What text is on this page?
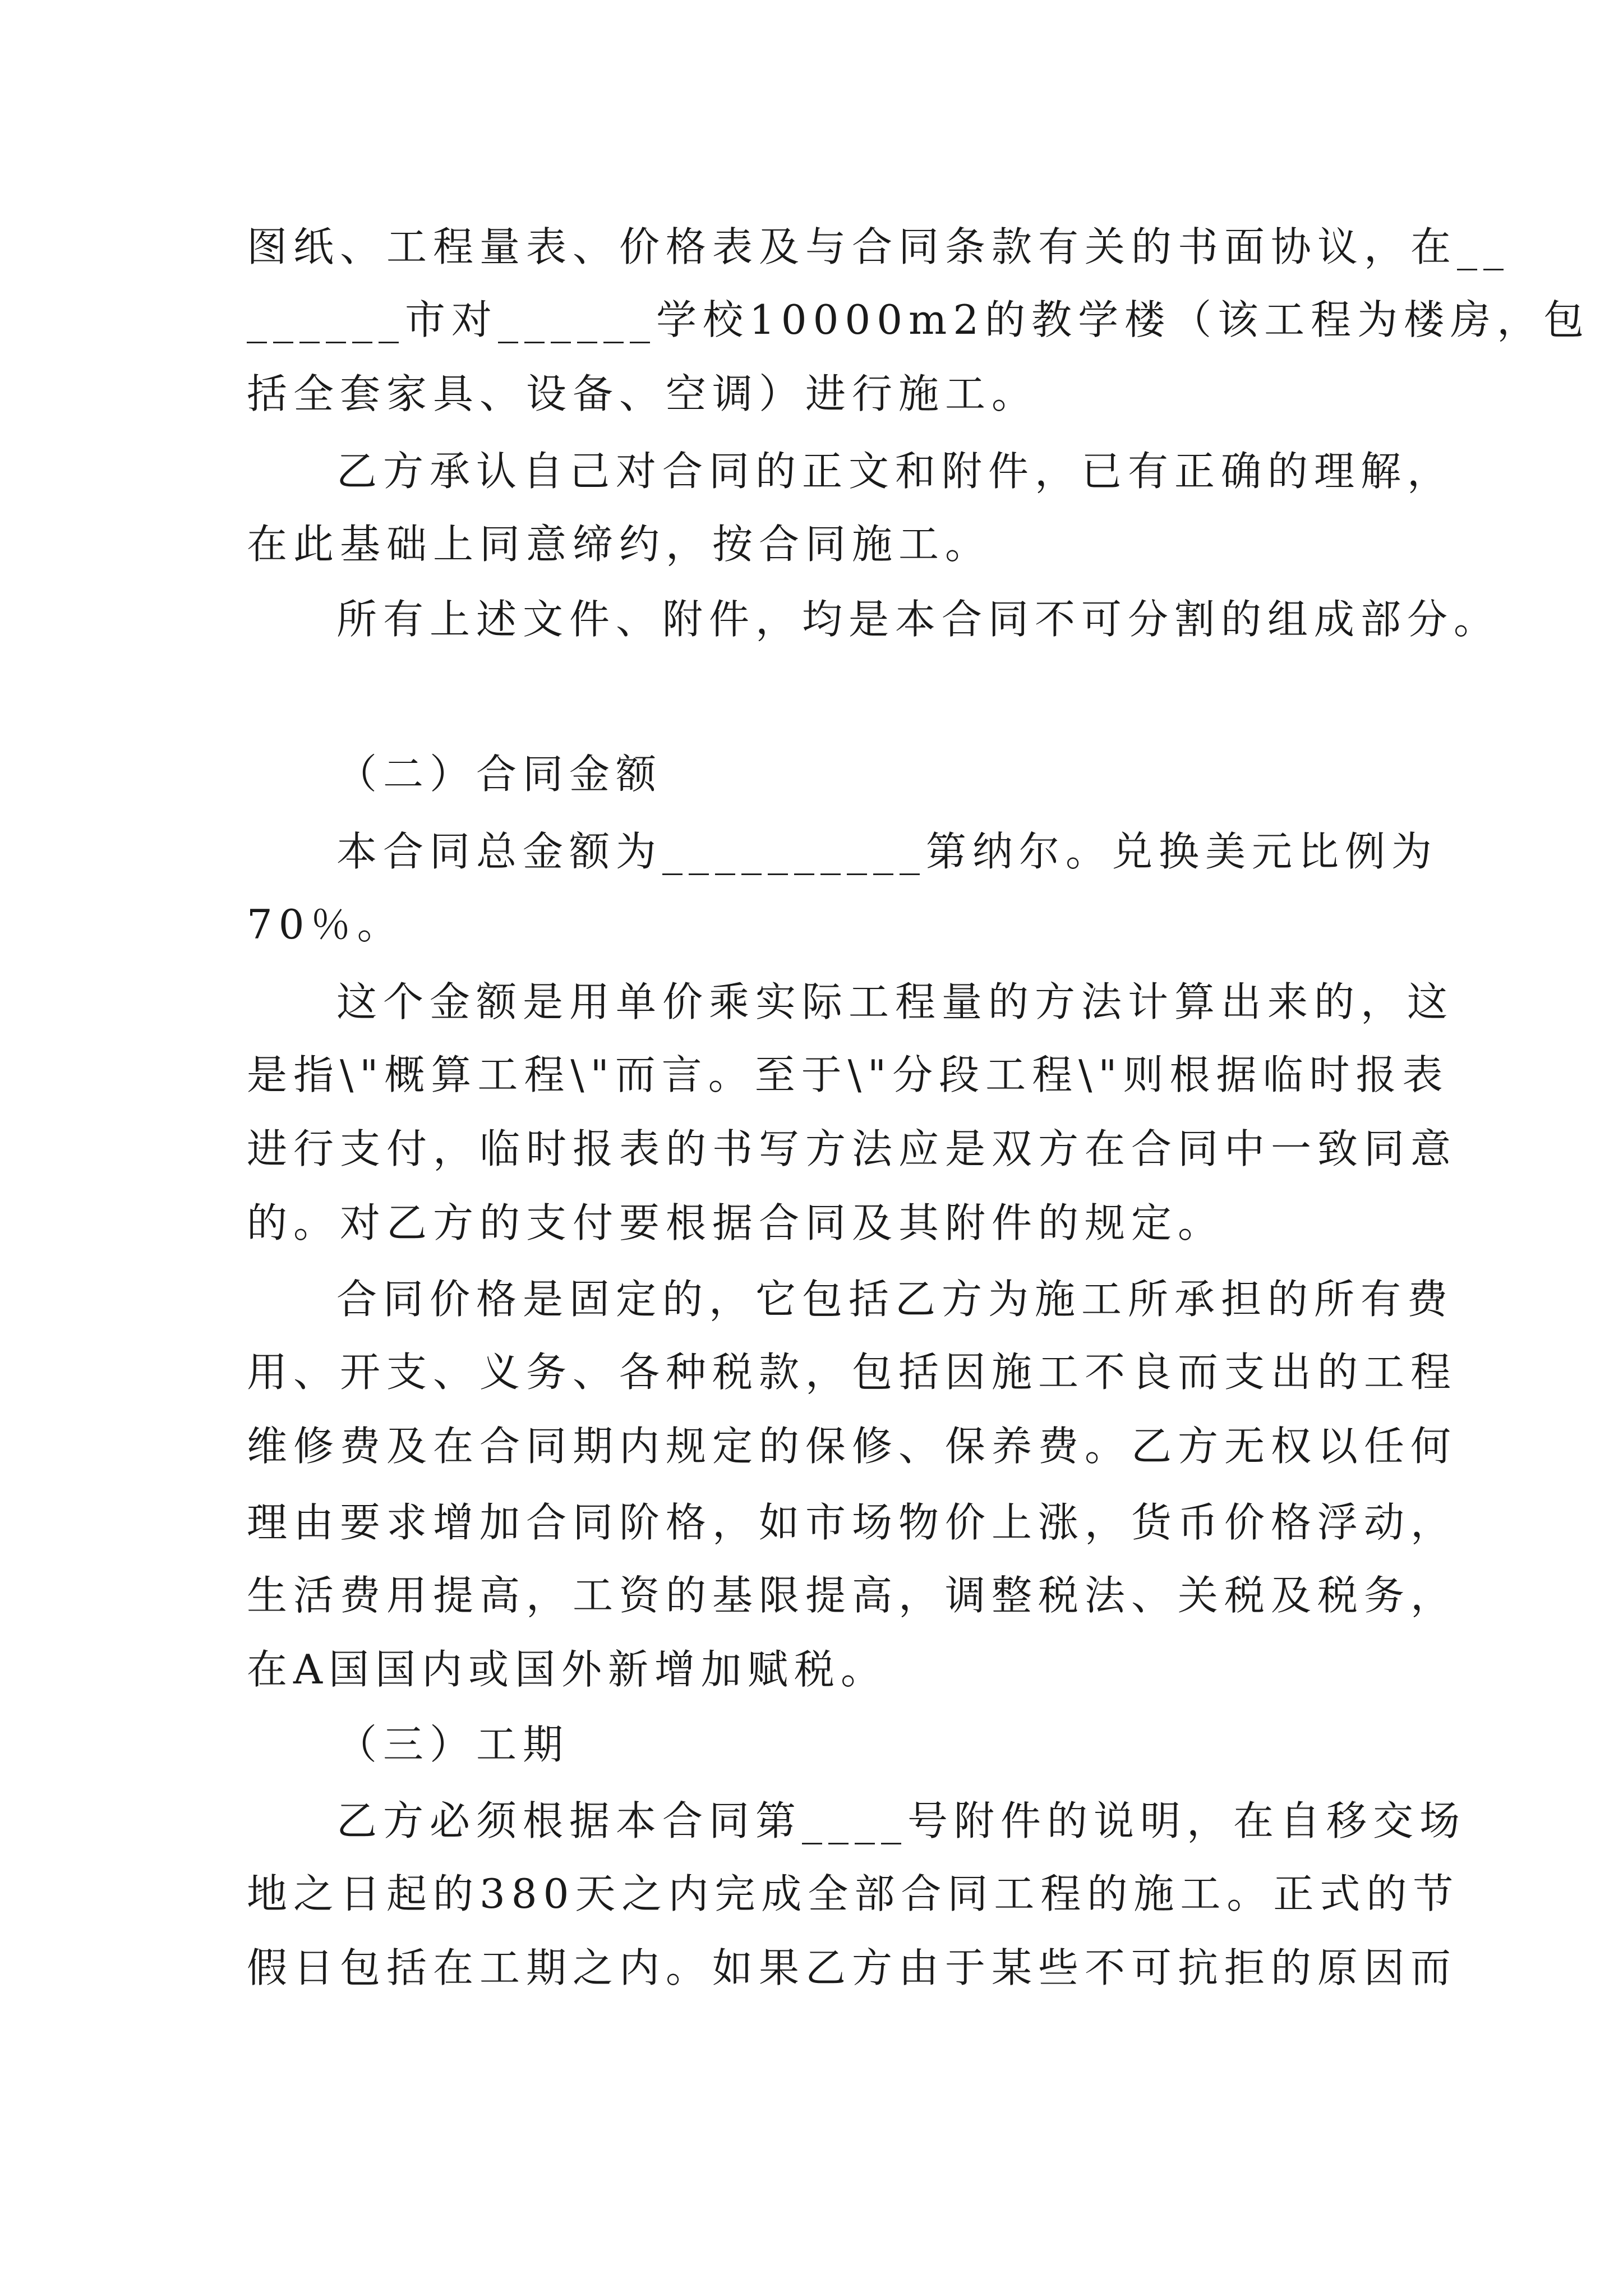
图纸、工程量表、价格表及与合同条款有关的书面协议，在__
______市对______学校10000m2的教学楼（该工程为楼房，包
括全套家具、设备、空调）进行施工。
乙方承认自己对合同的正文和附件，已有正确的理解，
在此基础上同意缔约，按合同施工。
所有上述文件、附件，均是本合同不可分割的组成部分。
（二）合同金额
本合同总金额为__________第纳尔。兑换美元比例为
70％。
这个金额是用单价乘实际工程量的方法计算出来的，这
是指\"概算工程\"而言。至于\"分段工程\"则根据临时报表
进行支付，临时报表的书写方法应是双方在合同中一致同意
的。对乙方的支付要根据合同及其附件的规定。
合同价格是固定的，它包括乙方为施工所承担的所有费
用、开支、义务、各种税款，包括因施工不良而支出的工程
维修费及在合同期内规定的保修、保养费。乙方无权以任何
理由要求增加合同阶格，如市场物价上涨，货币价格浮动，
生活费用提高，工资的基限提高，调整税法、关税及税务，
在A国国内或国外新增加赋税。
（三）工期
乙方必须根据本合同第____号附件的说明，在自移交场
地之日起的380天之内完成全部合同工程的施工。正式的节
假日包括在工期之内。如果乙方由于某些不可抗拒的原因而
